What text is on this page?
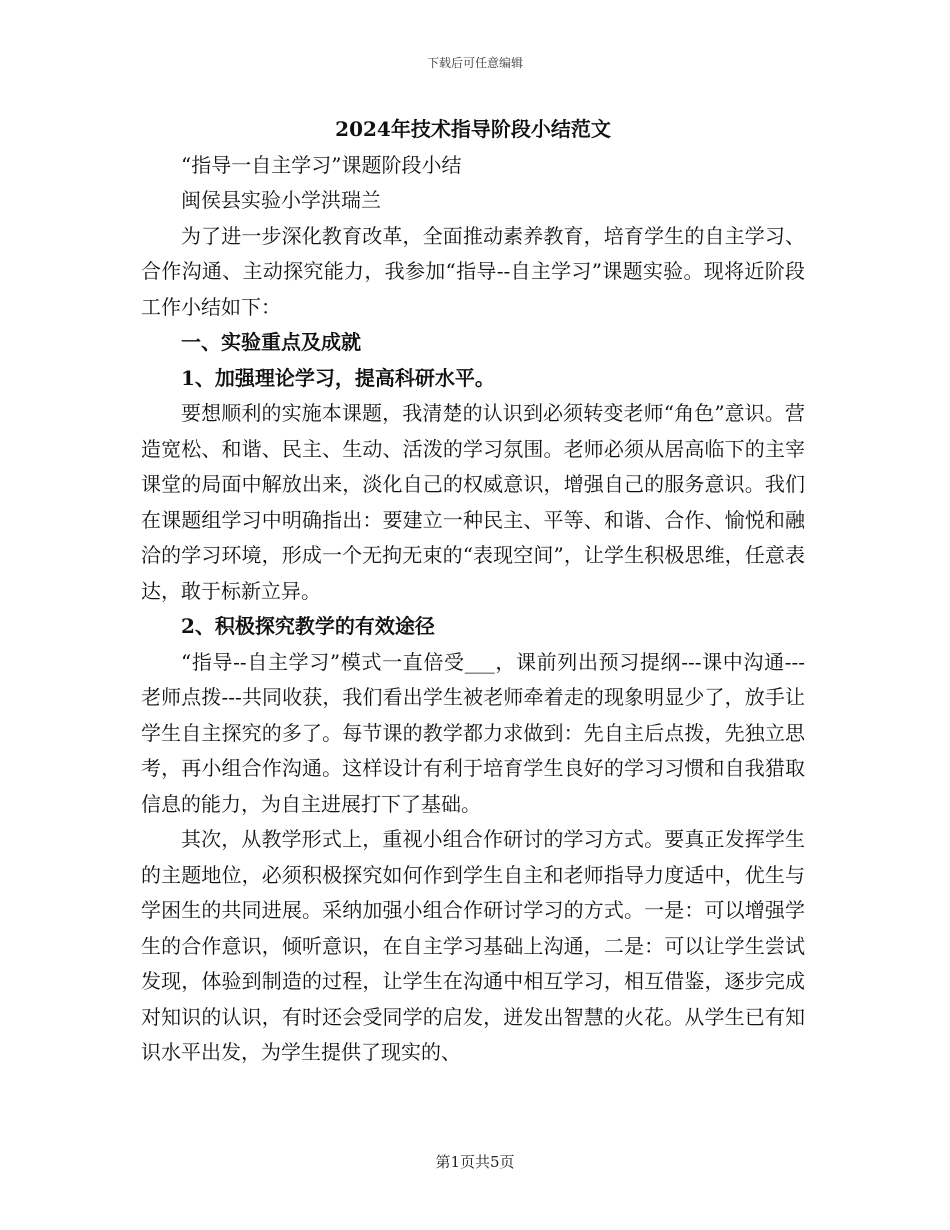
下载后可任意编辑
2024年技术指导阶段小结范文

“指导一自主学习”课题阶段小结

闽侯县实验小学洪瑞兰

为了进一步深化教育改革，全面推动素养教育，培育学生的自主学习、合作沟通、主动探究能力，我参加“指导--自主学习”课题实验。现将近阶段工作小结如下：

一、实验重点及成就

1、加强理论学习，提高科研水平。

要想顺利的实施本课题，我清楚的认识到必须转变老师“角色”意识。营造宽松、和谐、民主、生动、活泼的学习氛围。老师必须从居高临下的主宰课堂的局面中解放出来，淡化自己的权威意识，增强自己的服务意识。我们在课题组学习中明确指出：要建立一种民主、平等、和谐、合作、愉悦和融洽的学习环境，形成一个无拘无束的“表现空间”，让学生积极思维，任意表达，敢于标新立异。

2、积极探究教学的有效途径

“指导--自主学习”模式一直倍受___，课前列出预习提纲---课中沟通---老师点拨---共同收获，我们看出学生被老师牵着走的现象明显少了，放手让学生自主探究的多了。每节课的教学都力求做到：先自主后点拨，先独立思考，再小组合作沟通。这样设计有利于培育学生良好的学习习惯和自我猎取信息的能力，为自主进展打下了基础。

其次，从教学形式上，重视小组合作研讨的学习方式。要真正发挥学生的主题地位，必须积极探究如何作到学生自主和老师指导力度适中，优生与学困生的共同进展。采纳加强小组合作研讨学习的方式。一是：可以增强学生的合作意识，倾听意识，在自主学习基础上沟通，二是：可以让学生尝试发现，体验到制造的过程，让学生在沟通中相互学习，相互借鉴，逐步完成对知识的认识，有时还会受同学的启发，迸发出智慧的火花。从学生已有知识水平出发，为学生提供了现实的、

第1页共5页
